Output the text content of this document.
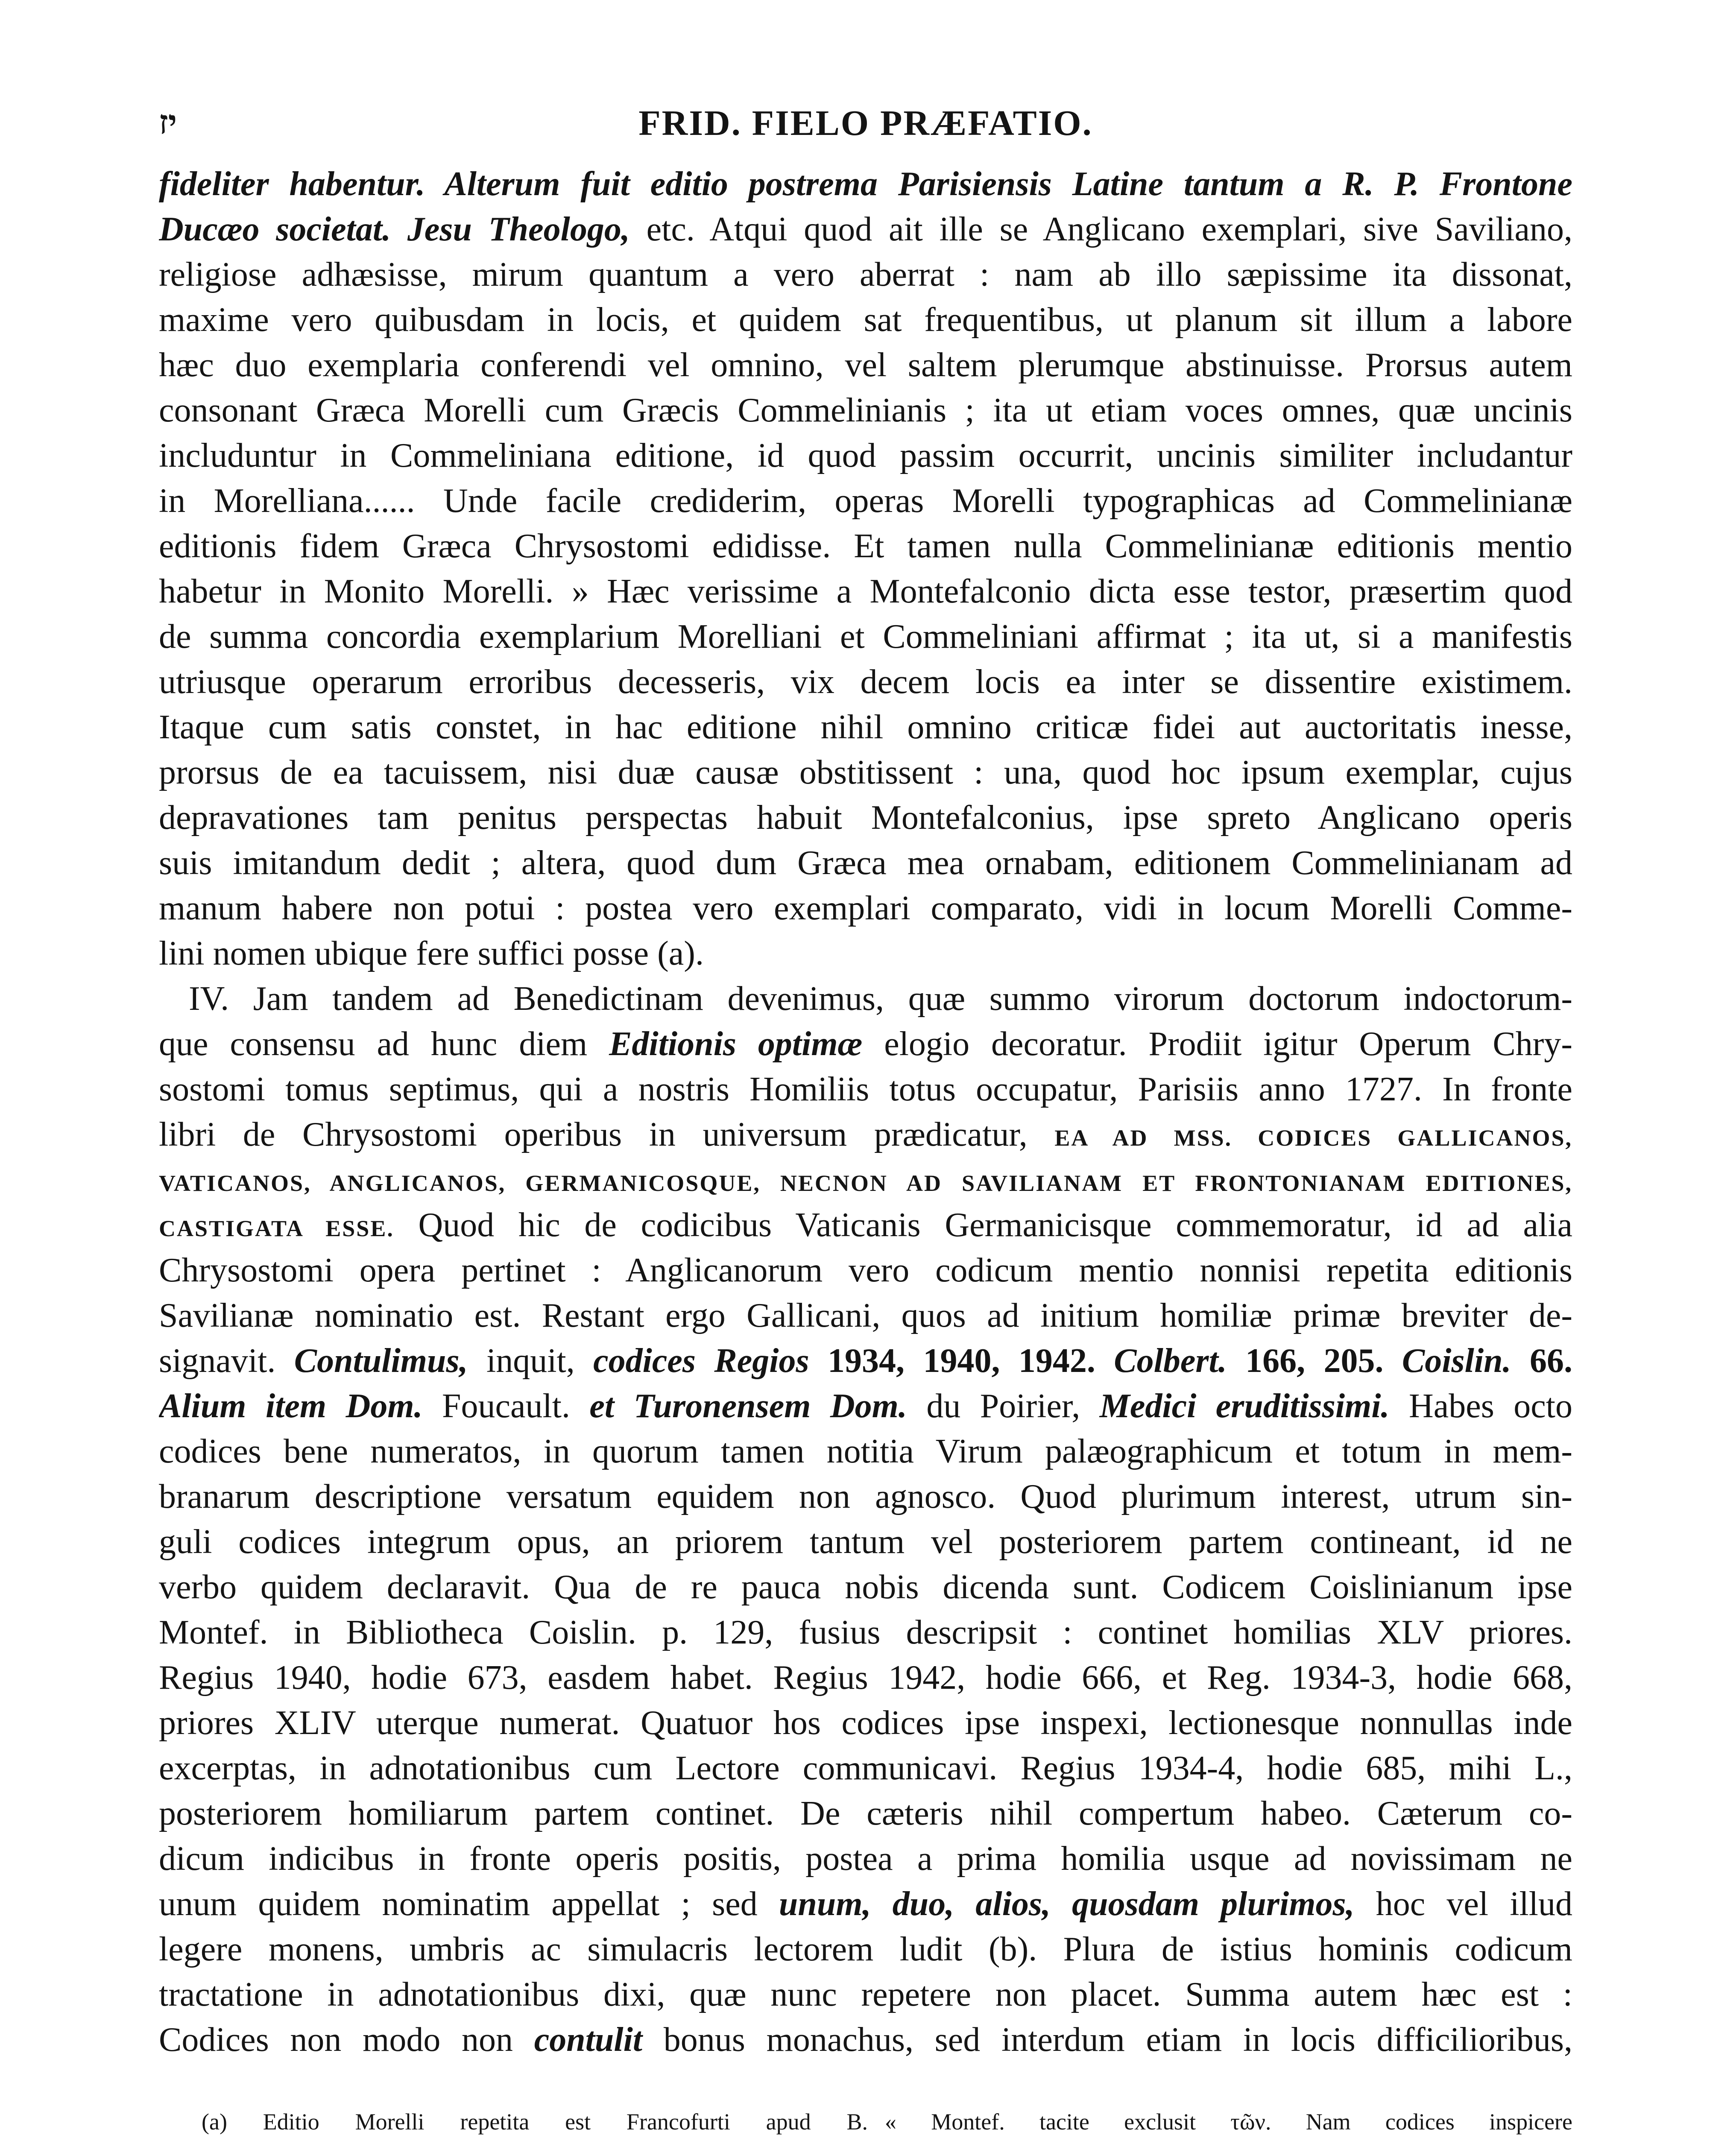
יז	FRID. FIELO PRÆFATIO.
fideliter habentur. Alterum fuit editio postrema Parisiensis Latine tantum a R. P. Frontone
Ducæo societat. Jesu Theologo, etc. Atqui quod ait ille se Anglicano exemplari, sive Saviliano,
religiose adhæsisse, mirum quantum a vero aberrat : nam ab illo sæpissime ita dissonat,
maxime vero quibusdam in locis, et quidem sat frequentibus, ut planum sit illum a labore
hæc duo exemplaria conferendi vel omnino, vel saltem plerumque abstinuisse. Prorsus autem
consonant Græca Morelli cum Græcis Commelinianis ; ita ut etiam voces omnes, quæ uncinis
includuntur in Commeliniana editione, id quod passim occurrit, uncinis similiter includantur
in Morelliana...... Unde facile crediderim, operas Morelli typographicas ad Commelinianæ
editionis fidem Græca Chrysostomi edidisse. Et tamen nulla Commelinianæ editionis mentio
habetur in Monito Morelli. » Hæc verissime a Montefalconio dicta esse testor, præsertim quod
de summa concordia exemplarium Morelliani et Commeliniani affirmat ; ita ut, si a manifestis
utriusque operarum erroribus decesseris, vix decem locis ea inter se dissentire existimem.
Itaque cum satis constet, in hac editione nihil omnino criticæ fidei aut auctoritatis inesse,
prorsus de ea tacuissem, nisi duæ causæ obstitissent : una, quod hoc ipsum exemplar, cujus
depravationes tam penitus perspectas habuit Montefalconius, ipse spreto Anglicano operis
suis imitandum dedit ; altera, quod dum Græca mea ornabam, editionem Commelinianam ad
manum habere non potui : postea vero exemplari comparato, vidi in locum Morelli Comme-
lini nomen ubique fere suffici posse (a).
IV. Jam tandem ad Benedictinam devenimus, quæ summo virorum doctorum indoctorum-
que consensu ad hunc diem Editionis optimæ elogio decoratur. Prodiit igitur Operum Chry-
sostomi tomus septimus, qui a nostris Homiliis totus occupatur, Parisiis anno 1727. In fronte
libri de Chrysostomi operibus in universum prædicatur, EA AD MSS. CODICES GALLICANOS,
VATICANOS, ANGLICANOS, GERMANICOSQUE, NECNON AD SAVILIANAM ET FRONTONIANAM EDITIONES,
CASTIGATA ESSE. Quod hic de codicibus Vaticanis Germanicisque commemoratur, id ad alia
Chrysostomi opera pertinet : Anglicanorum vero codicum mentio nonnisi repetita editionis
Savilianæ nominatio est. Restant ergo Gallicani, quos ad initium homiliæ primæ breviter de-
signavit. Contulimus, inquit, codices Regios 1934, 1940, 1942. Colbert. 166, 205. Coislin. 66.
Alium item Dom. Foucault. et Turonensem Dom. du Poirier, Medici eruditissimi. Habes octo
codices bene numeratos, in quorum tamen notitia Virum palæographicum et totum in mem-
branarum descriptione versatum equidem non agnosco. Quod plurimum interest, utrum sin-
guli codices integrum opus, an priorem tantum vel posteriorem partem contineant, id ne
verbo quidem declaravit. Qua de re pauca nobis dicenda sunt. Codicem Coislinianum ipse
Montef. in Bibliotheca Coislin. p. 129, fusius descripsit : continet homilias XLV priores.
Regius 1940, hodie 673, easdem habet. Regius 1942, hodie 666, et Reg. 1934-3, hodie 668,
priores XLIV uterque numerat. Quatuor hos codices ipse inspexi, lectionesque nonnullas inde
excerptas, in adnotationibus cum Lectore communicavi. Regius 1934-4, hodie 685, mihi L.,
posteriorem homiliarum partem continet. De cæteris nihil compertum habeo. Cæterum co-
dicum indicibus in fronte operis positis, postea a prima homilia usque ad novissimam ne
unum quidem nominatim appellat ; sed unum, duo, alios, quosdam plurimos, hoc vel illud
legere monens, umbris ac simulacris lectorem ludit (b). Plura de istius hominis codicum
tractatione in adnotationibus dixi, quæ nunc repetere non placet. Summa autem hæc est :
Codices non modo non contulit bonus monachus, sed interdum etiam in locis difficilioribus,
(a) Editio Morelli repetita est Francofurti apud B. « Montef. tacite exclusit τῶν. Nam codices inspicere
